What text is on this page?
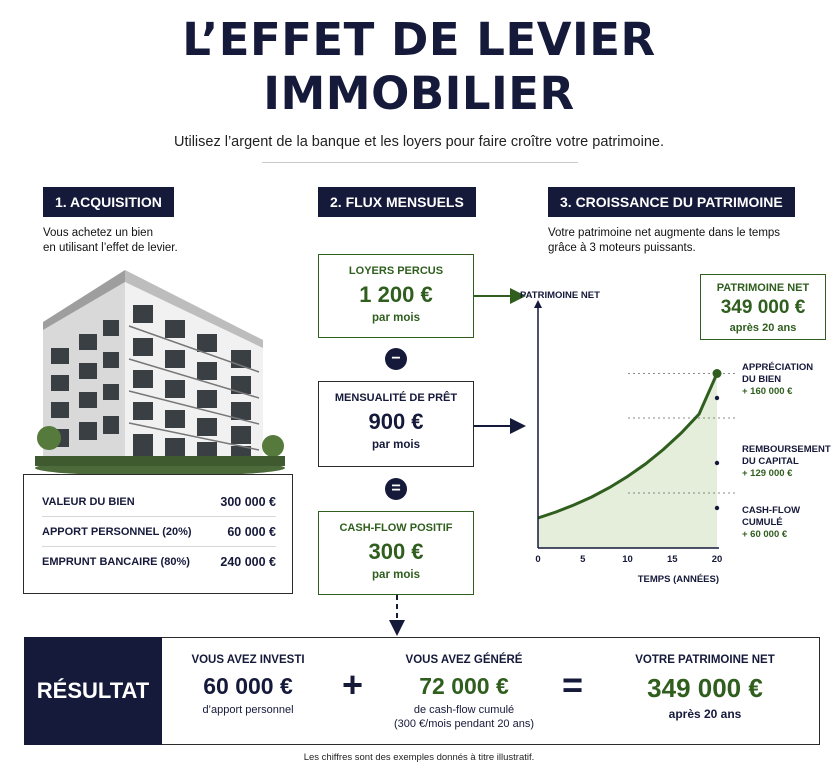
L’EFFET DE LEVIER
IMMOBILIER
Utilisez l’argent de la banque et les loyers pour faire croître votre patrimoine.
1. ACQUISITION
Vous achetez un bien
en utilisant l’effet de levier.
VALEUR DU BIEN	300 000 €
APPORT PERSONNEL (20%)	60 000 €
EMPRUNT BANCAIRE (80%) 240 000 €
2. FLUX MENSUELS
LOYERS PERCUS
1 200 €
par mois
−
MENSUALITÉ DE PRÊT
900 €
par mois
=
CASH-FLOW POSITIF
300 €
par mois
3. CROISSANCE DU PATRIMOINE
Votre patrimoine net augmente dans le temps
grâce à 3 moteurs puissants.
PATRIMOINE NET
349 000 €
après 20 ans
0	5	10	15	20
PATRIMOINE NET
TEMPS (ANNÉES)
APPRÉCIATION
DU BIEN
+ 160 000 €
REMBOURSEMENT
DU CAPITAL
+ 129 000 €
CASH-FLOW
CUMULÉ
+ 60 000 €
RÉSULTAT
VOUS AVEZ INVESTI
60 000 €
d’apport personnel
+
VOUS AVEZ GÉNÉRÉ
72 000 €
de cash-flow cumulé
(300 €/mois pendant 20 ans)
=
VOTRE PATRIMOINE NET
349 000 €
après 20 ans
Les chiffres sont des exemples donnés à titre illustratif.
